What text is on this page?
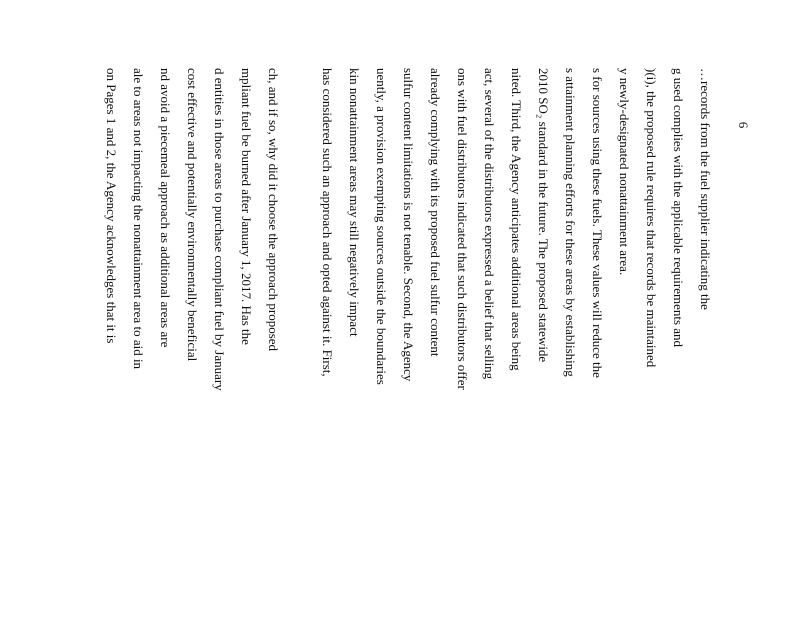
6
…records from the fuel supplier indicating the
g used complies with the applicable requirements and
)(i), the proposed rule requires that records be maintained
y newly-designated nonattainment area.
s for sources using these fuels. These values will reduce the
s attainment planning efforts for these areas by establishing
2010 SO₂ standard in the future. The proposed statewide
nited. Third, the Agency anticipates additional areas being
act, several of the distributors expressed a belief that selling
ons with fuel distributors indicated that such distributors offer
already complying with its proposed fuel sulfur content
sulfur content limitations is not tenable. Second, the Agency
uently, a provision exempting sources outside the boundaries
kin nonattainment areas may still negatively impact
has considered such an approach and opted against it. First,
ch, and if so, why did it choose the approach proposed
mpliant fuel be burned after January 1, 2017. Has the
d entities in those areas to purchase compliant fuel by January
cost effective and potentially environmentally beneficial
nd avoid a piecemeal approach as additional areas are
ale to areas not impacting the nonattainment area to aid in
on Pages 1 and 2, the Agency acknowledges that it is
